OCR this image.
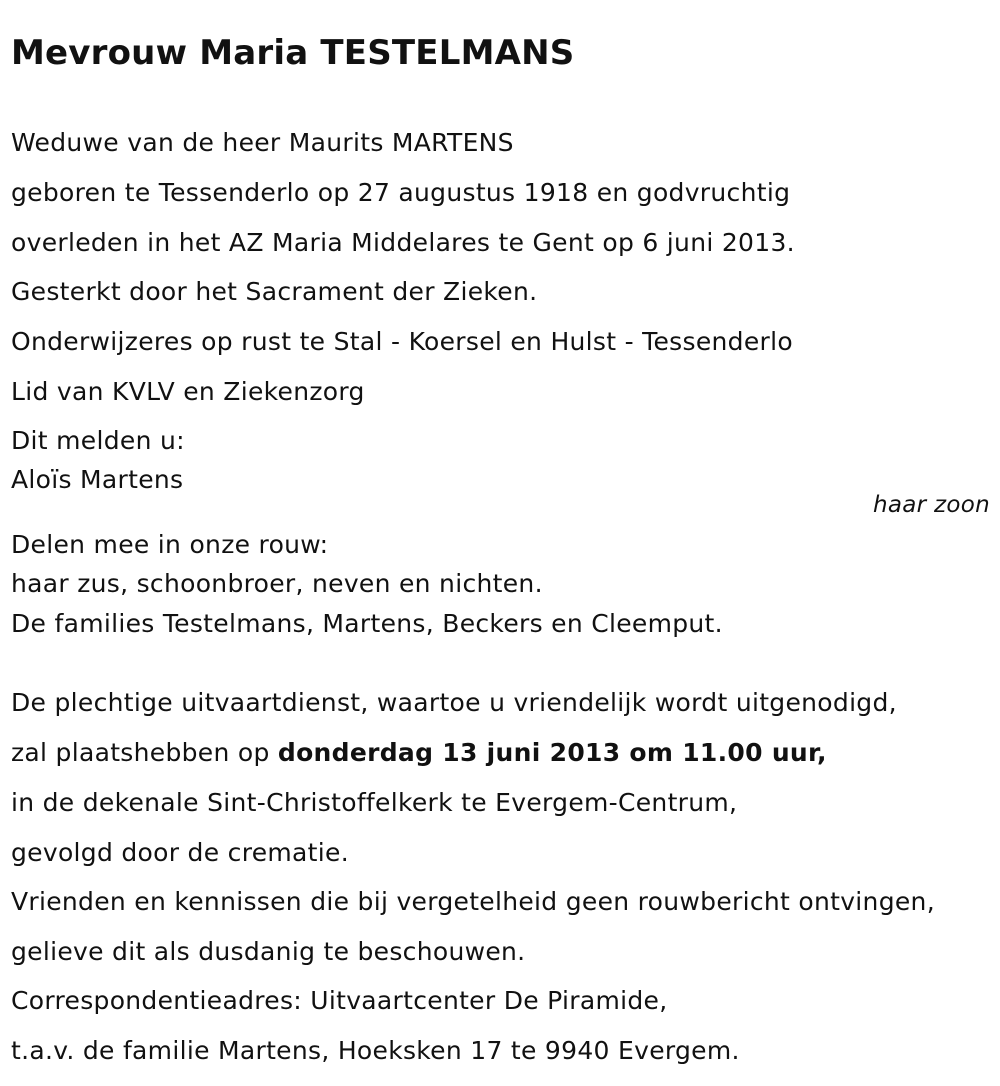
Mevrouw Maria TESTELMANS
Weduwe van de heer Maurits MARTENS
geboren te Tessenderlo op 27 augustus 1918 en godvruchtig
overleden in het AZ Maria Middelares te Gent op 6 juni 2013.
Gesterkt door het Sacrament der Zieken.
Onderwijzeres op rust te Stal - Koersel en Hulst - Tessenderlo
Lid van KVLV en Ziekenzorg
Dit melden u:
Aloïs Martens
haar zoon
Delen mee in onze rouw:
haar zus, schoonbroer, neven en nichten.
De families Testelmans, Martens, Beckers en Cleemput.
De plechtige uitvaartdienst, waartoe u vriendelijk wordt uitgenodigd,
zal plaatshebben op donderdag 13 juni 2013 om 11.00 uur,
in de dekenale Sint-Christoffelkerk te Evergem-Centrum,
gevolgd door de crematie.
Vrienden en kennissen die bij vergetelheid geen rouwbericht ontvingen,
gelieve dit als dusdanig te beschouwen.
Correspondentieadres: Uitvaartcenter De Piramide,
t.a.v. de familie Martens, Hoeksken 17 te 9940 Evergem.
